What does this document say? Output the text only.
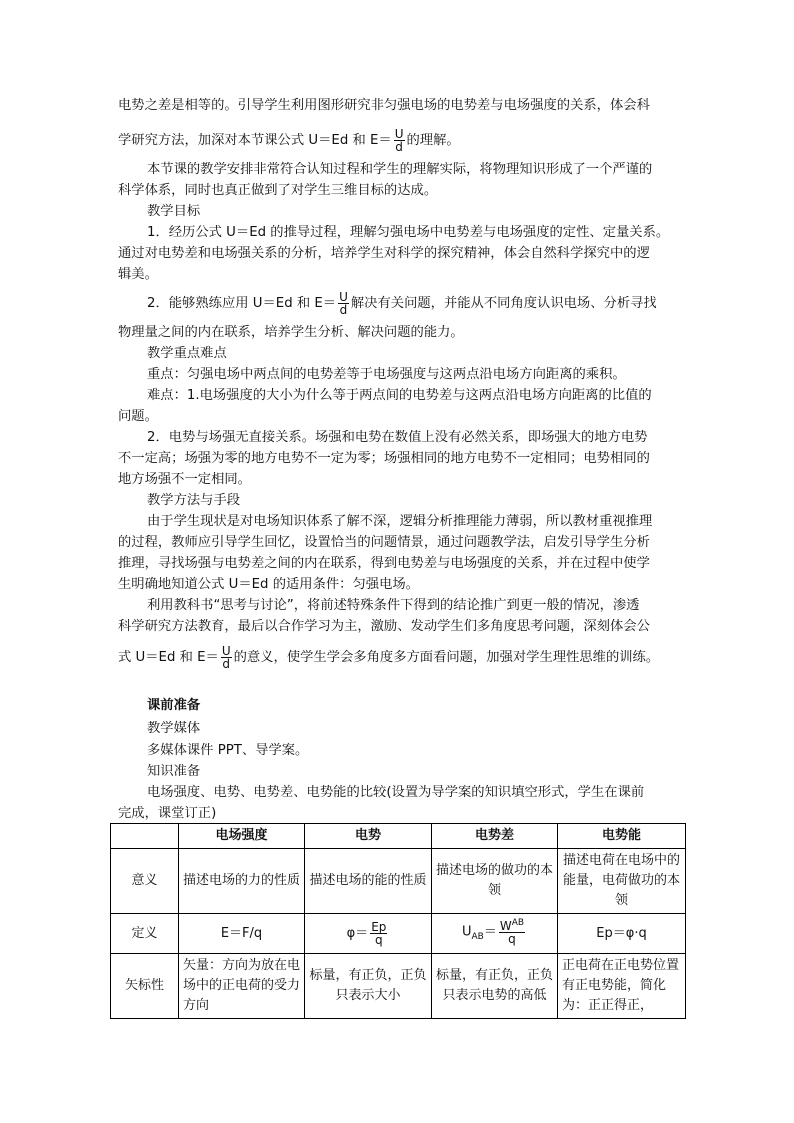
电势之差是相等的。引导学生利用图形研究非匀强电场的电势差与电场强度的关系，体会科
学研究方法，加深对本节课公式 U＝Ed 和 $E= \frac{U}{d}$ 的理解。
本节课的教学安排非常符合认知过程和学生的理解实际，将物理知识形成了一个严谨的
科学体系，同时也真正做到了对学生三维目标的达成。
教学目标
1．经历公式 U＝Ed 的推导过程，理解匀强电场中电势差与电场强度的定性、定量关系。
通过对电势差和电场强关系的分析，培养学生对科学的探究精神，体会自然科学探究中的逻
辑美。
2．能够熟练应用 U＝Ed 和 $E= \frac{U}{d}$ 解决有关问题，并能从不同角度认识电场、分析寻找
物理量之间的内在联系，培养学生分析、解决问题的能力。
教学重点难点
重点：匀强电场中两点间的电势差等于电场强度与这两点沿电场方向距离的乘积。
难点：1.电场强度的大小为什么等于两点间的电势差与这两点沿电场方向距离的比值的
问题。
2．电势与场强无直接关系。场强和电势在数值上没有必然关系，即场强大的地方电势
不一定高；场强为零的地方电势不一定为零；场强相同的地方电势不一定相同；电势相同的
地方场强不一定相同。
教学方法与手段
由于学生现状是对电场知识体系了解不深，逻辑分析推理能力薄弱，所以教材重视推理
的过程，教师应引导学生回忆，设置恰当的问题情景，通过问题教学法，启发引导学生分析
推理，寻找场强与电势差之间的内在联系，得到电势差与电场强度的关系，并在过程中使学
生明确地知道公式 U＝Ed 的适用条件：匀强电场。
利用教科书“思考与讨论”，将前述特殊条件下得到的结论推广到更一般的情况，渗透
科学研究方法教育，最后以合作学习为主，激励、发动学生们多角度思考问题，深刻体会公
式 U＝Ed 和 $E= \frac{U}{d}$ 的意义，使学生学会多角度多方面看问题，加强对学生理性思维的训练。
课前准备
教学媒体
多媒体课件 PPT、导学案。
知识准备
电场强度、电势、电势差、电势能的比较(设置为导学案的知识填空形式，学生在课前
完成，课堂订正)
	电场强度	电势	电势差	电势能
意义	描述电场的力的性质	描述电场的能的性质	描述电场的做功的本领	描述电荷在电场中的能量，电荷做功的本领
定义	E＝F/q	$\varphi= \frac{Ep}{q}$	$U_{AB}= \frac{W^{AB}}{q}$	Ep＝φ·q
矢标性	矢量：方向为放在电场中的正电荷的受力方向	标量，有正负，正负只表示大小	标量，有正负，正负只表示电势的高低	正电荷在正电势位置有正电势能，简化为：正正得正，
